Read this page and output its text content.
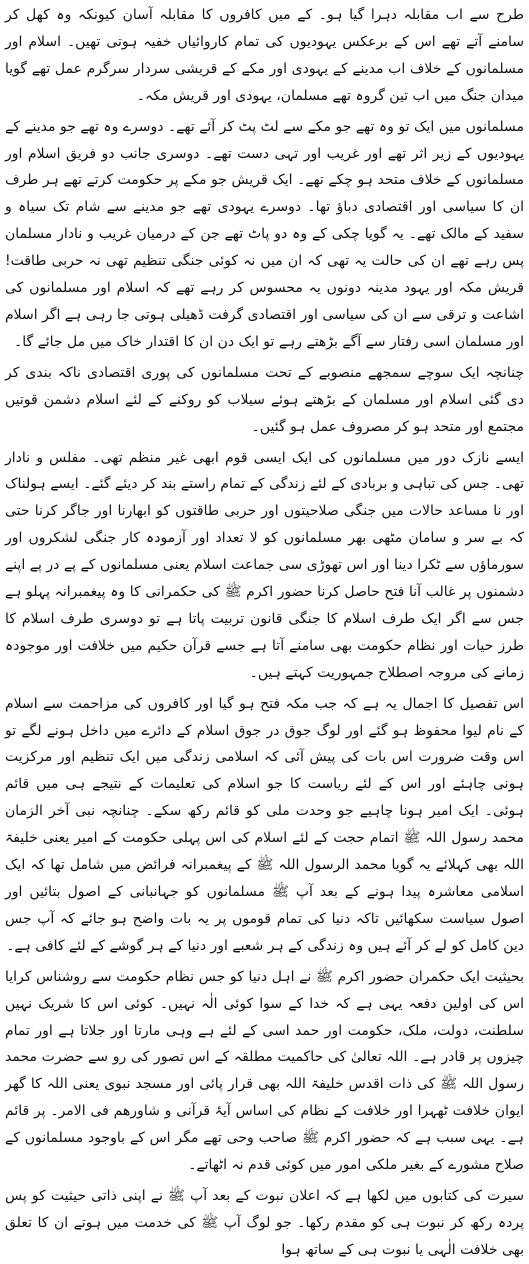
طرح سے اب مقابلہ دہرا گیا ہو۔ کے میں کافروں کا مقابلہ آسان کیونکہ وہ کھل کر سامنے آتے تھے اس کے برعکس یہودیوں کی تمام کاروائیاں خفیہ ہوتی تھیں۔ اسلام اور مسلمانوں کے خلاف اب مدینے کے یہودی اور مکے کے قریشی سردار سرگرم عمل تھے گویا میدان جنگ میں اب تین گروہ تھے مسلمان، یہودی اور قریش مکہ۔

مسلمانوں میں ایک تو وہ تھے جو مکے سے لٹ پٹ کر آئے تھے۔ دوسرے وہ تھے جو مدینے کے یہودیوں کے زیر اثر تھے اور غریب اور تہی دست تھے۔ دوسری جانب دو فریق اسلام اور مسلمانوں کے خلاف متحد ہو چکے تھے۔ ایک قریش جو مکے پر حکومت کرتے تھے ہر طرف ان کا سیاسی اور اقتصادی دباؤ تھا۔ دوسرے یہودی تھے جو مدینے سے شام تک سیاہ و سفید کے مالک تھے۔ یہ گویا چکی کے وہ دو پاٹ تھے جن کے درمیان غریب و نادار مسلمان پس رہے تھے ان کی حالت یہ تھی کہ ان میں نہ کوئی جنگی تنظیم تھی نہ حربی طاقت! قریش مکہ اور یہود مدینہ دونوں یہ محسوس کر رہے تھے کہ اسلام اور مسلمانوں کی اشاعت و ترقی سے ان کی سیاسی اور اقتصادی گرفت ڈھیلی ہوتی جا رہی ہے اگر اسلام اور مسلمان اسی رفتار سے آگے بڑھتے رہے تو ایک دن ان کا اقتدار خاک میں مل جائے گا۔

چنانچہ ایک سوچے سمجھے منصوبے کے تحت مسلمانوں کی پوری اقتصادی ناکہ بندی کر دی گئی اسلام اور مسلمان کے بڑھتے ہوئے سیلاب کو روکنے کے لئے اسلام دشمن قوتیں مجتمع اور متحد ہو کر مصروف عمل ہو گئیں۔

ایسے نازک دور میں مسلمانوں کی ایک ایسی قوم ابھی غیر منظم تھی۔ مفلس و نادار تھی۔ جس کی تباہی و بربادی کے لئے زندگی کے تمام راستے بند کر دیئے گئے۔ ایسے ہولناک اور نا مساعد حالات میں جنگی صلاحیتوں اور حربی طاقتوں کو ابھارنا اور جاگر کرنا حتی کہ بے سر و سامان مٹھی بھر مسلمانوں کو لا تعداد اور آزمودہ کار جنگی لشکروں اور سورماؤں سے ٹکرا دینا اور اس تھوڑی سی جماعت اسلام یعنی مسلمانوں کے پے در پے اپنے دشمنوں پر غالب آنا فتح حاصل کرنا حضور اکرم ﷺ کی حکمرانی کا وہ پیغمبرانہ پہلو ہے جس سے اگر ایک طرف اسلام کا جنگی قانون تربیت پاتا ہے تو دوسری طرف اسلام کا طرز حیات اور نظام حکومت بھی سامنے آتا ہے جسے قرآن حکیم میں خلافت اور موجودہ زمانے کی مروجہ اصطلاح جمہوریت کہتے ہیں۔

اس تفصیل کا اجمال یہ ہے کہ جب مکہ فتح ہو گیا اور کافروں کی مزاحمت سے اسلام کے نام لیوا محفوظ ہو گئے اور لوگ جوق در جوق اسلام کے دائرے میں داخل ہونے لگے تو اس وقت ضرورت اس بات کی پیش آئی کہ اسلامی زندگی میں ایک تنظیم اور مرکزیت ہونی چاہئے اور اس کے لئے ریاست کا جو اسلام کی تعلیمات کے نتیجے ہی میں قائم ہوئی۔ ایک امیر ہونا چاہیے جو وحدت ملی کو قائم رکھ سکے۔ چنانچہ نبی آخر الزمان محمد رسول اللہ ﷺ اتمام حجت کے لئے اسلام کی اس پہلی حکومت کے امیر یعنی خلیفۃ اللہ بھی کہلائے یہ گویا محمد الرسول اللہ ﷺ کے پیغمبرانہ فرائض میں شامل تھا کہ ایک اسلامی معاشرہ پیدا ہونے کے بعد آپ ﷺ مسلمانوں کو جہانبانی کے اصول بتائیں اور اصول سیاست سکھائیں تاکہ دنیا کی تمام قوموں پر یہ بات واضح ہو جائے کہ آپ جس دین کامل کو لے کر آئے ہیں وہ زندگی کے ہر شعبے اور دنیا کے ہر گوشے کے لئے کافی ہے۔

بحیثیت ایک حکمران حضور اکرم ﷺ نے اہل دنیا کو جس نظام حکومت سے روشناس کرایا اس کی اولین دفعہ یہی ہے کہ خدا کے سوا کوئی الٰہ نہیں۔ کوئی اس کا شریک نہیں سلطنت، دولت، ملک، حکومت اور حمد اسی کے لئے ہے وہی مارتا اور جلاتا ہے اور تمام چیزوں پر قادر ہے۔ اللہ تعالیٰ کی حاکمیت مطلقہ کے اس تصور کی رو سے حضرت محمد رسول اللہ ﷺ کی ذات اقدس خلیفۃ اللہ بھی قرار پائی اور مسجد نبوی یعنی اللہ کا گھر ایوان خلافت ٹھہرا اور خلافت کے نظام کی اساس آیۂ قرآنی و شاورھم فی الامر۔ پر قائم ہے۔ یہی سبب ہے کہ حضور اکرم ﷺ صاحب وحی تھے مگر اس کے باوجود مسلمانوں کے صلاح مشورے کے بغیر ملکی امور میں کوئی قدم نہ اٹھاتے۔

سیرت کی کتابوں میں لکھا ہے کہ اعلان نبوت کے بعد آپ ﷺ نے اپنی ذاتی حیثیت کو پس پردہ رکھ کر نبوت ہی کو مقدم رکھا۔ جو لوگ آپ ﷺ کی خدمت میں ہوتے ان کا تعلق بھی خلافت الٰہی یا نبوت ہی کے ساتھ ہوا
